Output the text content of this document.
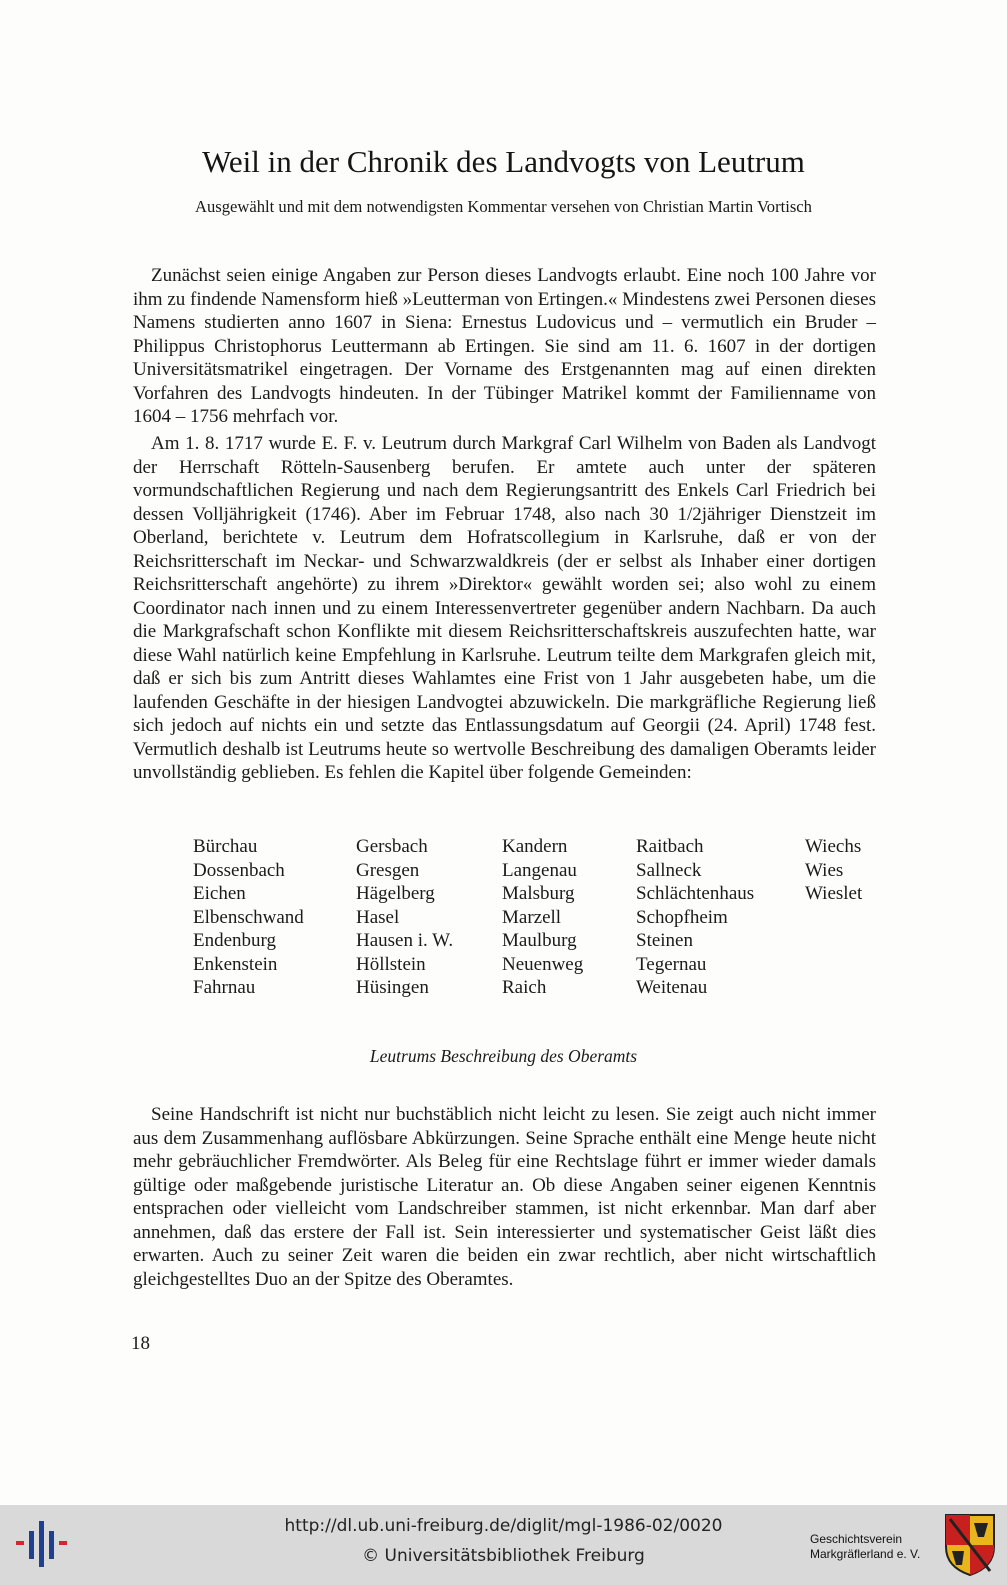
Weil in der Chronik des Landvogts von Leutrum
Ausgewählt und mit dem notwendigsten Kommentar versehen von Christian Martin Vortisch

Zunächst seien einige Angaben zur Person dieses Landvogts erlaubt. Eine noch 100 Jahre vor ihm zu findende Namensform hieß »Leutterman von Ertingen.« Mindestens zwei Personen dieses Namens studierten anno 1607 in Siena: Ernestus Ludovicus und – vermutlich ein Bruder – Philippus Christophorus Leuttermann ab Ertingen. Sie sind am 11. 6. 1607 in der dortigen Universitätsmatrikel eingetragen. Der Vorname des Erstgenannten mag auf einen direkten Vorfahren des Landvogts hindeuten. In der Tübinger Matrikel kommt der Familienname von 1604 – 1756 mehrfach vor.

Am 1. 8. 1717 wurde E. F. v. Leutrum durch Markgraf Carl Wilhelm von Baden als Landvogt der Herrschaft Rötteln-Sausenberg berufen. Er amtete auch unter der späteren vormundschaftlichen Regierung und nach dem Regierungsantritt des Enkels Carl Friedrich bei dessen Volljährigkeit (1746). Aber im Februar 1748, also nach 30 1/2jähriger Dienstzeit im Oberland, berichtete v. Leutrum dem Hofratscollegium in Karlsruhe, daß er von der Reichsritterschaft im Neckar- und Schwarzwaldkreis (der er selbst als Inhaber einer dortigen Reichsritterschaft angehörte) zu ihrem »Direktor« gewählt worden sei; also wohl zu einem Coordinator nach innen und zu einem Interessenvertreter gegenüber andern Nachbarn. Da auch die Markgrafschaft schon Konflikte mit diesem Reichsritterschaftskreis auszufechten hatte, war diese Wahl natürlich keine Empfehlung in Karlsruhe. Leutrum teilte dem Markgrafen gleich mit, daß er sich bis zum Antritt dieses Wahlamtes eine Frist von 1 Jahr ausgebeten habe, um die laufenden Geschäfte in der hiesigen Landvogtei abzuwickeln. Die markgräfliche Regierung ließ sich jedoch auf nichts ein und setzte das Entlassungsdatum auf Georgii (24. April) 1748 fest. Vermutlich deshalb ist Leutrums heute so wertvolle Beschreibung des damaligen Oberamts leider unvollständig geblieben. Es fehlen die Kapitel über folgende Gemeinden:

Bürchau
Dossenbach
Eichen
Elbenschwand
Endenburg
Enkenstein
Fahrnau
Gersbach
Gresgen
Hägelberg
Hasel
Hausen i. W.
Höllstein
Hüsingen
Kandern
Langenau
Malsburg
Marzell
Maulburg
Neuenweg
Raich
Raitbach
Sallneck
Schlächtenhaus
Schopfheim
Steinen
Tegernau
Weitenau
Wiechs
Wies
Wieslet
Leutrums Beschreibung des Oberamts

Seine Handschrift ist nicht nur buchstäblich nicht leicht zu lesen. Sie zeigt auch nicht immer aus dem Zusammenhang auflösbare Abkürzungen. Seine Sprache enthält eine Menge heute nicht mehr gebräuchlicher Fremdwörter. Als Beleg für eine Rechtslage führt er immer wieder damals gültige oder maßgebende juristische Literatur an. Ob diese Angaben seiner eigenen Kenntnis entsprachen oder vielleicht vom Landschreiber stammen, ist nicht erkennbar. Man darf aber annehmen, daß das erstere der Fall ist. Sein interessierter und systematischer Geist läßt dies erwarten. Auch zu seiner Zeit waren die beiden ein zwar rechtlich, aber nicht wirtschaftlich gleichgestelltes Duo an der Spitze des Oberamtes.

18
http://dl.ub.uni-freiburg.de/diglit/mgl-1986-02/0020
© Universitätsbibliothek Freiburg
Geschichtsverein
Markgräflerland e. V.
